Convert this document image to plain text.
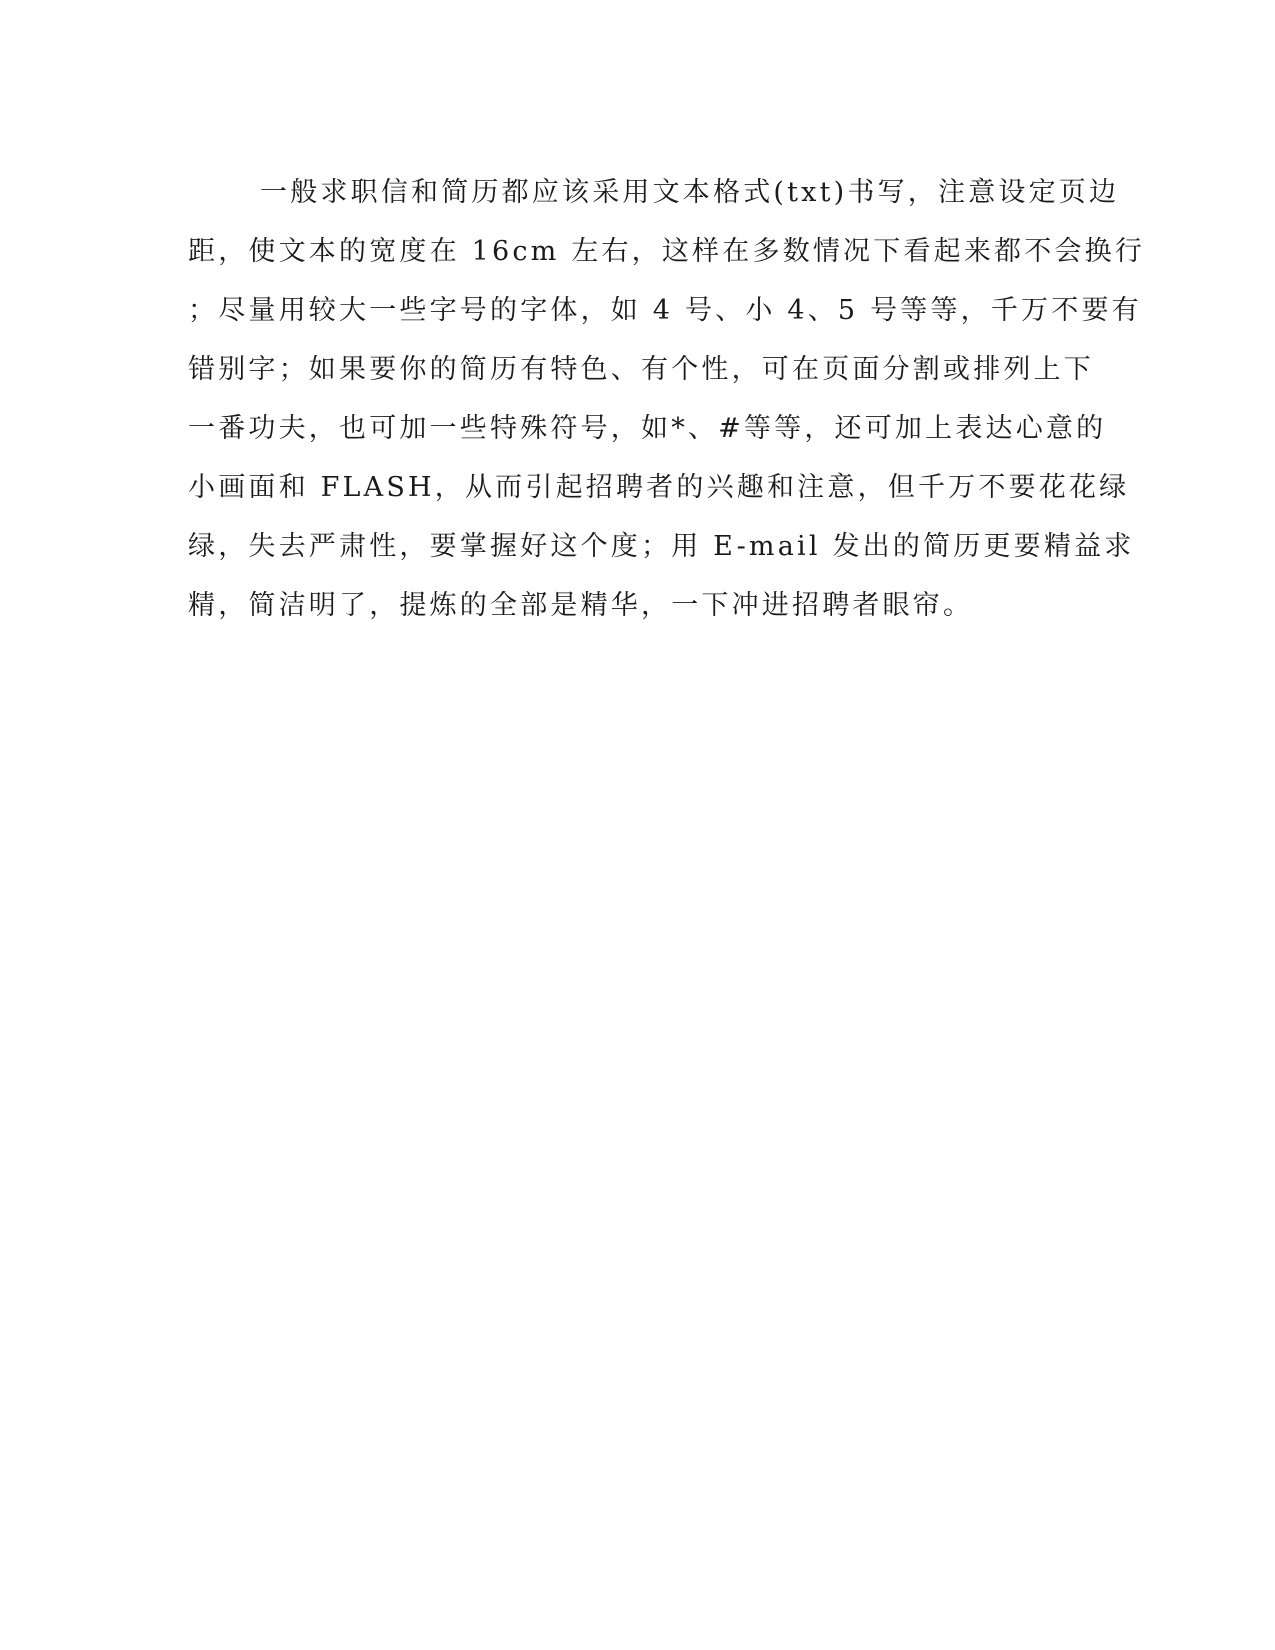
一般求职信和简历都应该采用文本格式(txt)书写，注意设定页边
距，使文本的宽度在 16cm 左右，这样在多数情况下看起来都不会换行
；尽量用较大一些字号的字体，如 4 号、小 4、5 号等等，千万不要有
错别字；如果要你的简历有特色、有个性，可在页面分割或排列上下
一番功夫，也可加一些特殊符号，如*、#等等，还可加上表达心意的
小画面和 FLASH，从而引起招聘者的兴趣和注意，但千万不要花花绿
绿，失去严肃性，要掌握好这个度；用 E-mail 发出的简历更要精益求
精，简洁明了，提炼的全部是精华，一下冲进招聘者眼帘。
